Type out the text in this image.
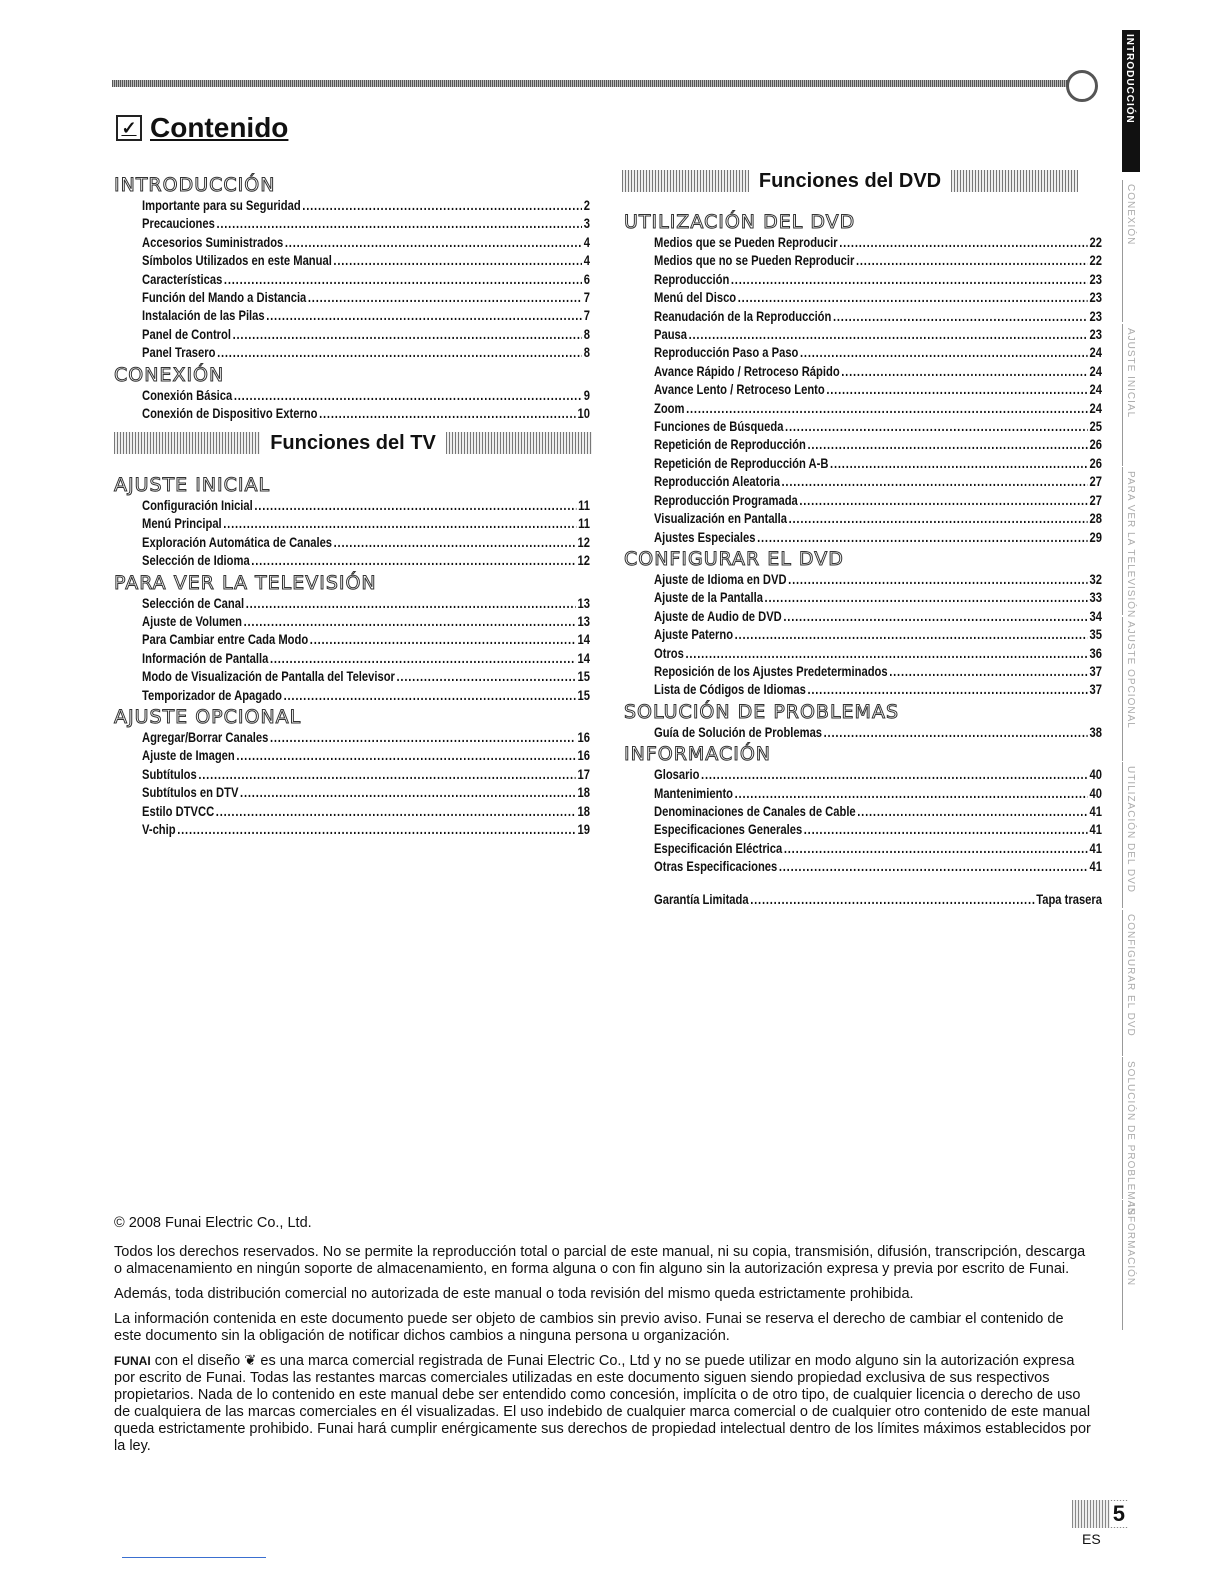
✓ Contenido
INTRODUCCIÓN
Importante para su Seguridad .....	2
Precauciones .....	3
Accesorios Suministrados .....	4
Símbolos Utilizados en este Manual .....	4
Características .....	6
Función del Mando a Distancia .....	7
Instalación de las Pilas .....	7
Panel de Control .....	8
Panel Trasero .....	8
CONEXIÓN
Conexión Básica .....	9
Conexión de Dispositivo Externo .....	10
Funciones del TV
AJUSTE INICIAL
Configuración Inicial .....	11
Menú Principal .....	11
Exploración Automática de Canales .....	12
Selección de Idioma .....	12
PARA VER LA TELEVISIÓN
Selección de Canal .....	13
Ajuste de Volumen .....	13
Para Cambiar entre Cada Modo .....	14
Información de Pantalla .....	14
Modo de Visualización de Pantalla del Televisor .....	15
Temporizador de Apagado .....	15
AJUSTE OPCIONAL
Agregar/Borrar Canales .....	16
Ajuste de Imagen .....	16
Subtítulos .....	17
Subtítulos en DTV .....	18
Estilo DTVCC .....	18
V-chip .....	19
Funciones del DVD
UTILIZACIÓN DEL DVD
Medios que se Pueden Reproducir .....	22
Medios que no se Pueden Reproducir .....	22
Reproducción .....	23
Menú del Disco .....	23
Reanudación de la Reproducción .....	23
Pausa .....	23
Reproducción Paso a Paso .....	24
Avance Rápido / Retroceso Rápido .....	24
Avance Lento / Retroceso Lento .....	24
Zoom .....	24
Funciones de Búsqueda .....	25
Repetición de Reproducción .....	26
Repetición de Reproducción A-B .....	26
Reproducción Aleatoria .....	27
Reproducción Programada .....	27
Visualización en Pantalla .....	28
Ajustes Especiales .....	29
CONFIGURAR EL DVD
Ajuste de Idioma en DVD .....	32
Ajuste de la Pantalla .....	33
Ajuste de Audio de DVD .....	34
Ajuste Paterno .....	35
Otros .....	36
Reposición de los Ajustes Predeterminados .....	37
Lista de Códigos de Idiomas .....	37
SOLUCIÓN DE PROBLEMAS
Guía de Solución de Problemas .....	38
INFORMACIÓN
Glosario .....	40
Mantenimiento .....	40
Denominaciones de Canales de Cable .....	41
Especificaciones Generales .....	41
Especificación Eléctrica .....	41
Otras Especificaciones .....	41
Garantía Limitada .....	Tapa trasera
INTRODUCCIÓN
CONEXIÓN
AJUSTE INICIAL
PARA VER LA TELEVISIÓN
AJUSTE OPCIONAL
UTILIZACIÓN DEL DVD
CONFIGURAR EL DVD
SOLUCIÓN DE PROBLEMAS
INFORMACIÓN

© 2008 Funai Electric Co., Ltd.

Todos los derechos reservados. No se permite la reproducción total o parcial de este manual, ni su copia, transmisión, difusión, transcripción, descarga o almacenamiento en ningún soporte de almacenamiento, en forma alguna o con fin alguno sin la autorización expresa y previa por escrito de Funai.

Además, toda distribución comercial no autorizada de este manual o toda revisión del mismo queda estrictamente prohibida.

La información contenida en este documento puede ser objeto de cambios sin previo aviso. Funai se reserva el derecho de cambiar el contenido de este documento sin la obligación de notificar dichos cambios a ninguna persona u organización.

FUNAI con el diseño ❦ es una marca comercial registrada de Funai Electric Co., Ltd y no se puede utilizar en modo alguno sin la autorización expresa por escrito de Funai. Todas las restantes marcas comerciales utilizadas en este documento siguen siendo propiedad exclusiva de sus respectivos propietarios. Nada de lo contenido en este manual debe ser entendido como concesión, implícita o de otro tipo, de cualquier licencia o derecho de uso de cualquiera de las marcas comerciales en él visualizadas. El uso indebido de cualquier marca comercial o de cualquier otro contenido de este manual queda estrictamente prohibido. Funai hará cumplir enérgicamente sus derechos de propiedad intelectual dentro de los límites máximos establecidos por la ley.

5
ES
